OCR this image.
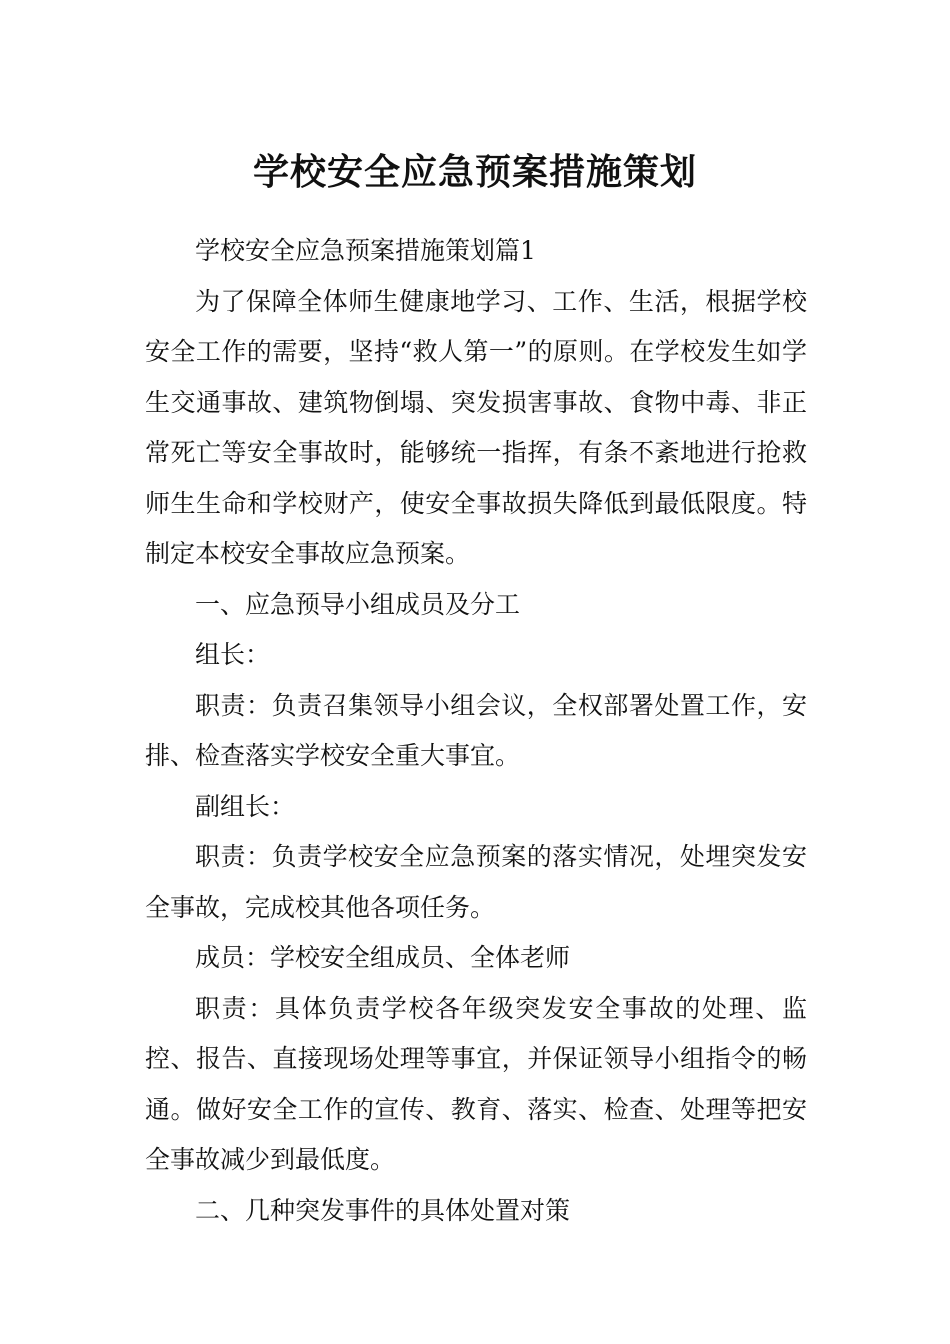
学校安全应急预案措施策划

学校安全应急预案措施策划篇1

为了保障全体师生健康地学习、工作、生活，根据学校安全工作的需要，坚持“救人第一”的原则。在学校发生如学生交通事故、建筑物倒塌、突发损害事故、食物中毒、非正常死亡等安全事故时，能够统一指挥，有条不紊地进行抢救师生生命和学校财产，使安全事故损失降低到最低限度。特制定本校安全事故应急预案。

一、应急预导小组成员及分工

组长：

职责：负责召集领导小组会议，全权部署处置工作，安排、检查落实学校安全重大事宜。

副组长：

职责：负责学校安全应急预案的落实情况，处埋突发安全事故，完成校其他各项任务。

成员：学校安全组成员、全体老师

职责：具体负责学校各年级突发安全事故的处理、监控、报告、直接现场处理等事宜，并保证领导小组指令的畅通。做好安全工作的宣传、教育、落实、检查、处理等把安全事故减少到最低度。

二、几种突发事件的具体处置对策
